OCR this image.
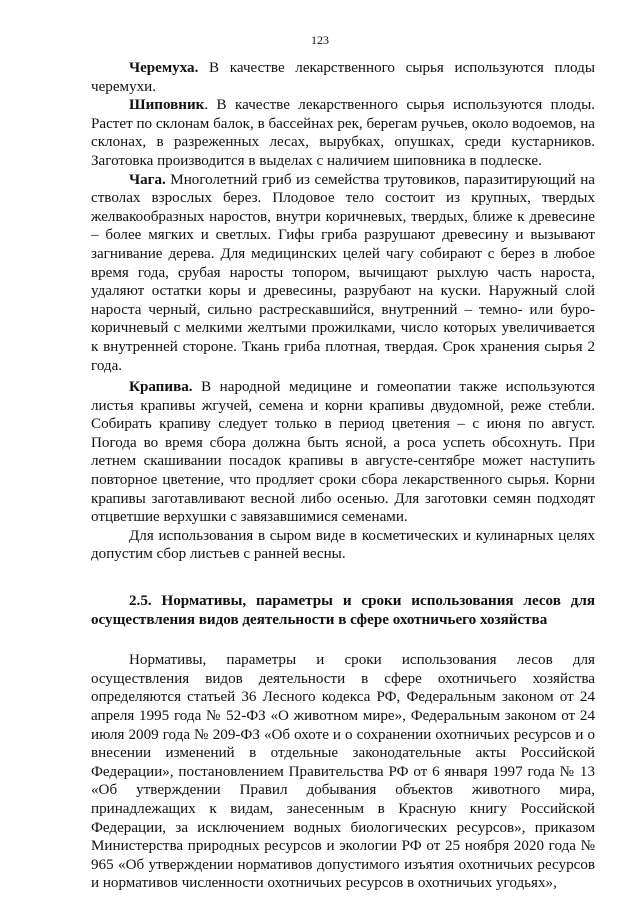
123

Черемуха. В качестве лекарственного сырья используются плоды черемухи.

Шиповник. В качестве лекарственного сырья используются плоды. Растет по склонам балок, в бассейнах рек, берегам ручьев, около водоемов, на склонах, в разреженных лесах, вырубках, опушках, среди кустарников. Заготовка производится в выделах с наличием шиповника в подлеске.

Чага. Многолетний гриб из семейства трутовиков, паразитирующий на стволах взрослых берез. Плодовое тело состоит из крупных, твердых желвакообразных наростов, внутри коричневых, твердых, ближе к древесине – более мягких и светлых. Гифы гриба разрушают древесину и вызывают загнивание дерева. Для медицинских целей чагу собирают с берез в любое время года, срубая наросты топором, вычищают рыхлую часть нароста, удаляют остатки коры и древесины, разрубают на куски. Наружный слой нароста черный, сильно растрескавшийся, внутренний – темно- или буро-коричневый с мелкими желтыми прожилками, число которых увеличивается к внутренней стороне. Ткань гриба плотная, твердая. Срок хранения сырья 2 года.

Крапива. В народной медицине и гомеопатии также используются листья крапивы жгучей, семена и корни крапивы двудомной, реже стебли. Собирать крапиву следует только в период цветения – с июня по август. Погода во время сбора должна быть ясной, а роса успеть обсохнуть. При летнем скашивании посадок крапивы в августе-сентябре может наступить повторное цветение, что продляет сроки сбора лекарственного сырья. Корни крапивы заготавливают весной либо осенью. Для заготовки семян подходят отцветшие верхушки с завязавшимися семенами.

Для использования в сыром виде в косметических и кулинарных целях допустим сбор листьев с ранней весны.

2.5. Нормативы, параметры и сроки использования лесов для осуществления видов деятельности в сфере охотничьего хозяйства

Нормативы, параметры и сроки использования лесов для осуществления видов деятельности в сфере охотничьего хозяйства определяются статьей 36 Лесного кодекса РФ, Федеральным законом от 24 апреля 1995 года № 52-ФЗ «О животном мире», Федеральным законом от 24 июля 2009 года № 209-ФЗ «Об охоте и о сохранении охотничьих ресурсов и о внесении изменений в отдельные законодательные акты Российской Федерации», постановлением Правительства РФ от 6 января 1997 года № 13 «Об утверждении Правил добывания объектов животного мира, принадлежащих к видам, занесенным в Красную книгу Российской Федерации, за исключением водных биологических ресурсов», приказом Министерства природных ресурсов и экологии РФ от 25 ноября 2020 года № 965 «Об утверждении нормативов допустимого изъятия охотничьих ресурсов и нормативов численности охотничьих ресурсов в охотничьих угодьях»,
